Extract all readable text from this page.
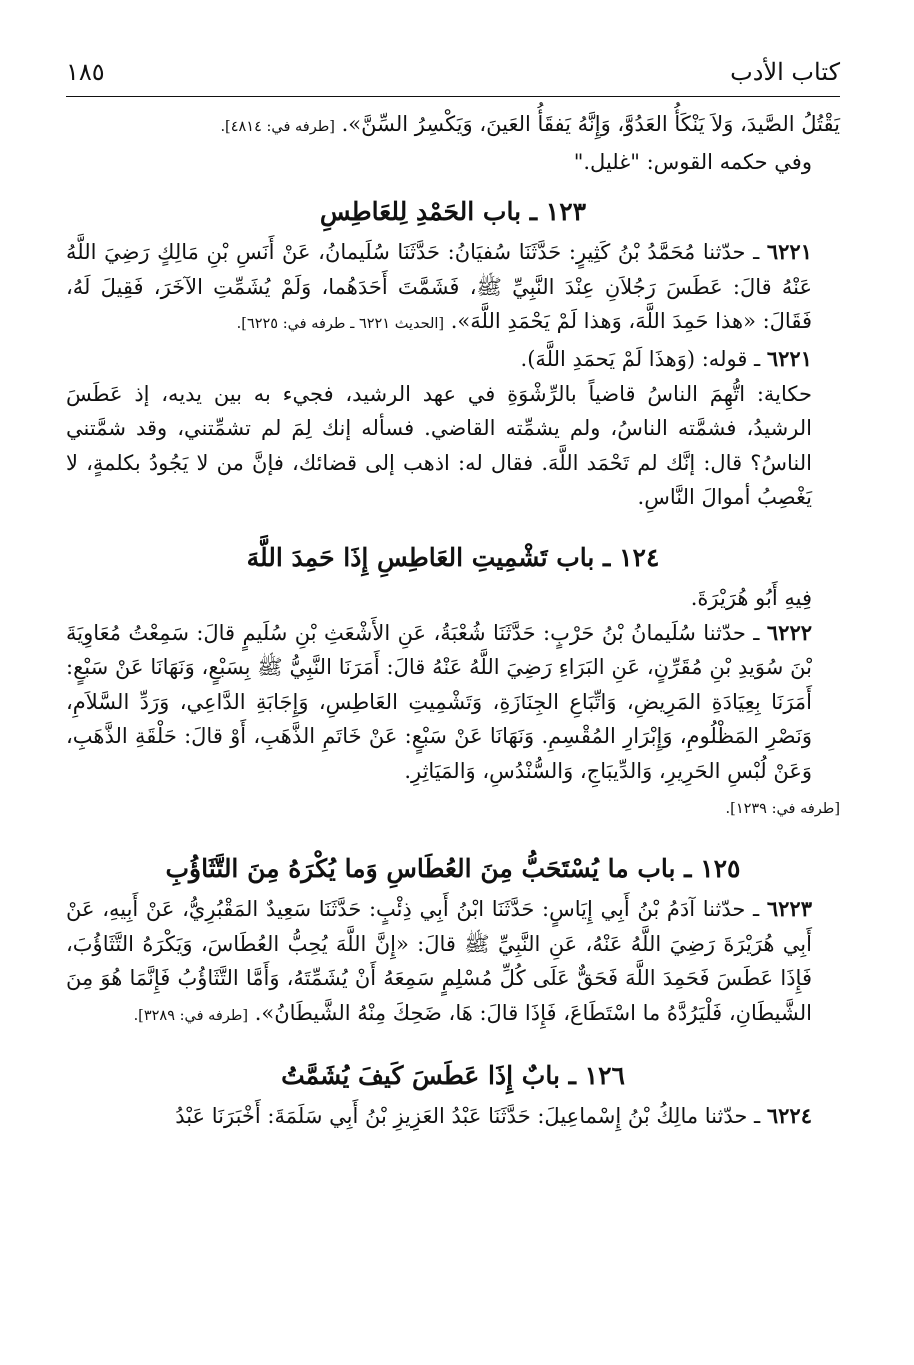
كتاب الأدب
١٨٥

يَقْتُلُ الصَّيدَ، وَلاَ يَنْكَأُ العَدُوَّ، وَإِنَّهُ يَفقَأُ العَينَ، وَيَكْسِرُ السِّنَّ». [طرفه في: ٤٨١٤].

وفي حكمه القوس: "غليل."

١٢٣ ـ باب الحَمْدِ لِلعَاطِسِ

٦٢٢١ ـ حدّثنا مُحَمَّدُ بْنُ كَثِيرٍ: حَدَّثَنَا سُفيَانُ: حَدَّثَنَا سُلَيمانُ، عَنْ أَنَسِ بْنِ مَالِكٍ رَضِيَ اللَّهُ عَنْهُ قالَ: عَطَسَ رَجُلاَنِ عِنْدَ النَّبِيِّ ﷺ، فَشَمَّتَ أَحَدَهُما، وَلَمْ يُشَمِّتِ الآخَرَ، فَقِيلَ لَهُ، فَقَالَ: «هذا حَمِدَ اللَّهَ، وَهذا لَمْ يَحْمَدِ اللَّهَ». [الحديث ٦٢٢١ ـ طرفه في: ٦٢٢٥].

٦٢٢١ ـ قوله: (وَهذَا لَمْ يَحمَدِ اللَّهَ).

حكاية: اتُّهِمَ الناسُ قاضياً بالرِّشْوَةِ في عهد الرشيد، فجيء به بين يديه، إذ عَطَسَ الرشيدُ، فشمَّته الناسُ، ولم يشمِّته القاضي. فسأله إنك لِمَ لم تشمِّتني، وقد شمَّتني الناسُ؟ قال: إنَّك لم تَحْمَد اللَّهَ. فقال له: اذهب إلى قضائك، فإنَّ من لا يَجُودُ بكلمةٍ، لا يَغْصِبُ أموالَ النَّاسِ.

١٢٤ ـ باب تَشْمِيتِ العَاطِسِ إِذَا حَمِدَ اللَّهَ

فِيهِ أَبُو هُرَيْرَةَ.

٦٢٢٢ ـ حدّثنا سُلَيمانُ بْنُ حَرْبٍ: حَدَّثَنَا شُعْبَةُ، عَنِ الأَشْعَثِ بْنِ سُلَيمٍ قالَ: سَمِعْتُ مُعَاوِيَةَ بْنَ سُوَيدِ بْنِ مُقَرِّنٍ، عَنِ البَرَاءِ رَضِيَ اللَّهُ عَنْهُ قالَ: أَمَرَنَا النَّبِيُّ ﷺ بِسَبْعٍ، وَنَهَانَا عَنْ سَبْعٍ: أَمَرَنَا بِعِيَادَةِ المَرِيضِ، وَاتِّبَاعِ الجِنَازَةِ، وَتَشْمِيتِ العَاطِسِ، وَإِجَابَةِ الدَّاعِي، وَرَدِّ السَّلاَمِ، وَنَصْرِ المَظْلُومِ، وَإِبْرَارِ المُقْسِمِ. وَنَهَانَا عَنْ سَبْعٍ: عَنْ خَاتَمِ الذَّهَبِ، أَوْ قالَ: حَلْقَةِ الذَّهَبِ، وَعَنْ لُبْسِ الحَرِيرِ، وَالدِّيبَاجِ، وَالسُّنْدُسِ، وَالمَيَاثِرِ.

[طرفه في: ١٢٣٩].

١٢٥ ـ باب ما يُسْتَحَبُّ مِنَ العُطَاسِ وَما يُكْرَهُ مِنَ التَّثَاؤُبِ

٦٢٢٣ ـ حدّثنا آدَمُ بْنُ أَبِي إِيَاسٍ: حَدَّثَنَا ابْنُ أَبِي ذِئْبٍ: حَدَّثَنَا سَعِيدٌ المَقْبُرِيُّ، عَنْ أَبِيهِ، عَنْ أَبِي هُرَيْرَةَ رَضِيَ اللَّهُ عَنْهُ، عَنِ النَّبِيِّ ﷺ قالَ: «إِنَّ اللَّهَ يُحِبُّ العُطَاسَ، وَيَكْرَهُ التَّثَاؤُبَ، فَإِذَا عَطَسَ فَحَمِدَ اللَّهَ فَحَقٌّ عَلَى كُلِّ مُسْلِمٍ سَمِعَهُ أَنْ يُشَمِّتَهُ، وَأَمَّا التَّثَاؤُبُ فَإِنَّمَا هُوَ مِنَ الشَّيطَانِ، فَلْيَرُدَّهُ ما اسْتَطَاعَ، فَإِذَا قالَ: هَا، ضَحِكَ مِنْهُ الشَّيطَانُ». [طرفه في: ٣٢٨٩].

١٢٦ ـ بابٌ إِذَا عَطَسَ كَيفَ يُشَمَّتُ

٦٢٢٤ ـ حدّثنا مالِكُ بْنُ إِسْماعِيلَ: حَدَّثَنَا عَبْدُ العَزِيزِ بْنُ أَبِي سَلَمَةَ: أَخْبَرَنَا عَبْدُ
